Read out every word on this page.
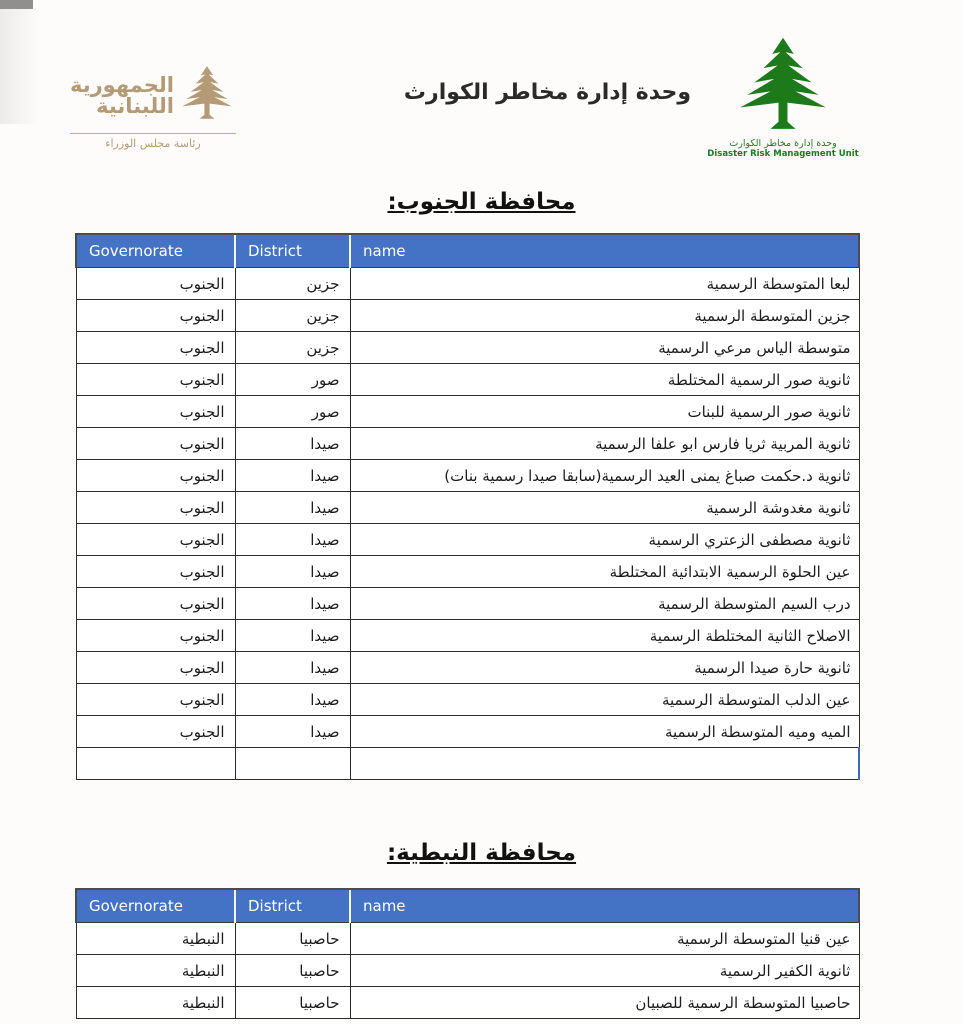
الجمهورية
اللبنانية
رئاسة مجلس الوزراء
وحدة إدارة مخاطر الكوارث
وحدة إدارة مخاطر الكوارث
Disaster Risk Management Unit
محافظة الجنوب:
Governorate	District	name
الجنوب	جزين	لبعا المتوسطة الرسمية
الجنوب	جزين	جزين المتوسطة الرسمية
الجنوب	جزين	متوسطة الياس مرعي الرسمية
الجنوب	صور	ثانوية صور الرسمية المختلطة
الجنوب	صور	ثانوية صور الرسمية للبنات
الجنوب	صيدا	ثانوية المربية ثريا فارس ابو علفا الرسمية
الجنوب	صيدا	ثانوية د.حكمت صباغ يمنى العيد الرسمية(سابقا صيدا رسمية بنات)
الجنوب	صيدا	ثانوية مغدوشة الرسمية
الجنوب	صيدا	ثانوية مصطفى الزعتري الرسمية
الجنوب	صيدا	عين الحلوة الرسمية الابتدائية المختلطة
الجنوب	صيدا	درب السيم المتوسطة الرسمية
الجنوب	صيدا	الاصلاح الثانية المختلطة الرسمية
الجنوب	صيدا	ثانوية حارة صيدا الرسمية
الجنوب	صيدا	عين الدلب المتوسطة الرسمية
الجنوب	صيدا	الميه وميه المتوسطة الرسمية

محافظة النبطية:
Governorate	District	name
النبطية	حاصبيا	عين قنيا المتوسطة الرسمية
النبطية	حاصبيا	ثانوية الكفير الرسمية
النبطية	حاصبيا	حاصبيا المتوسطة الرسمية للصبيان
